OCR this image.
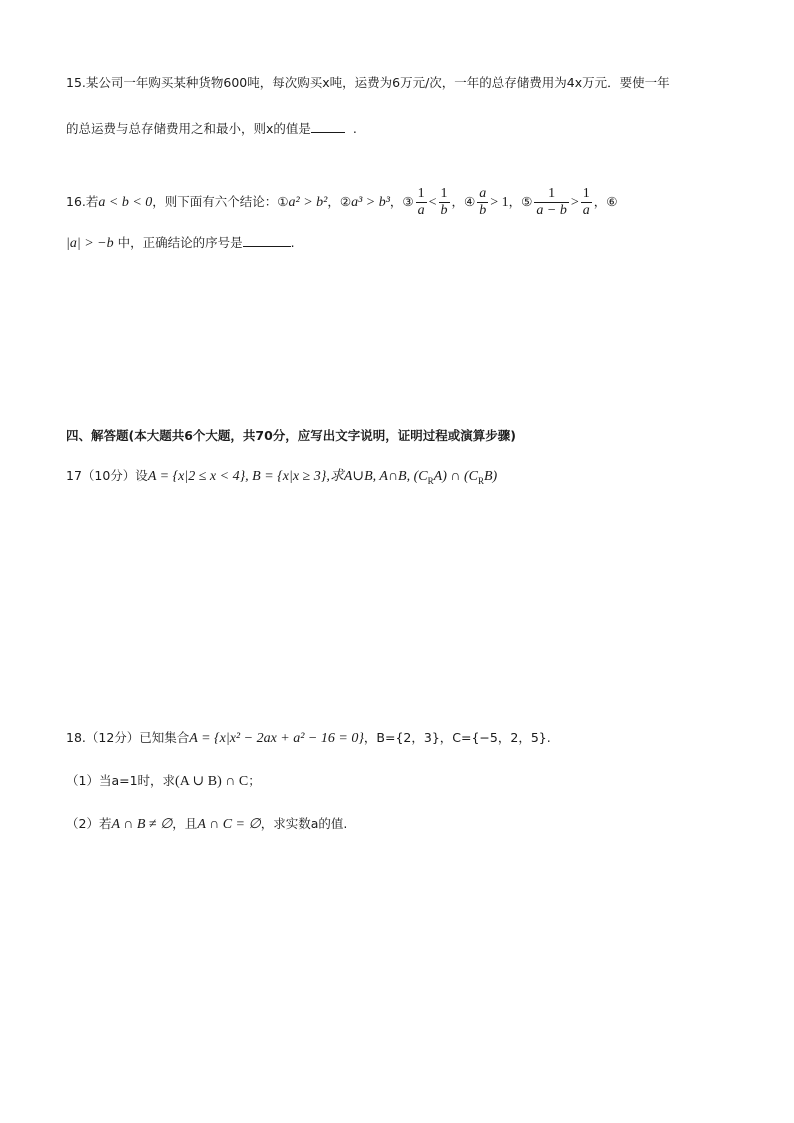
15.某公司一年购买某种货物600吨，每次购买x吨，运费为6万元/次，一年的总存储费用为4x万元．要使一年
的总运费与总存储费用之和最小，则x的值是	.
16.若a < b < 0，则下面有六个结论：①a² > b²，②a³ > b³，③ $\frac{1}{a} < \frac{1}{b}$ ，④ $\frac{a}{b} > 1$，⑤ $\frac{1}{a - b} > \frac{1}{a}$ ，⑥
|a| > −b 中，正确结论的序号是	.
四、解答题(本大题共6个大题，共70分，应写出文字说明，证明过程或演算步骤)
17（10分）设A = {x|2 ≤ x < 4}, B = {x|x ≥ 3},求A∪B, A∩B, $(C_RA)$ ∩ $(C_RB)$
18.（12分）已知集合A = {x|x² − 2ax + a² − 16 = 0}，B={2，3}，C={−5，2，5}.
（1）当a=1时，求(A ∪ B) ∩ C；
（2）若A ∩ B ≠ ∅，且A ∩ C = ∅，求实数a的值.
